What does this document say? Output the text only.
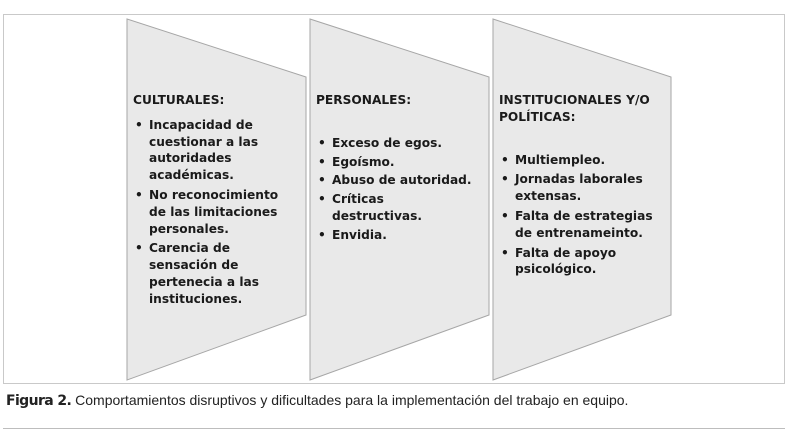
CULTURALES:
• Incapacidad de cuestionar a las autoridades académicas.
• No reconocimiento de las limitaciones personales.
• Carencia de sensación de pertenecia a las instituciones.
PERSONALES:
• Exceso de egos.
• Egoísmo.
• Abuso de autoridad.
• Críticas destructivas.
• Envidia.
INSTITUCIONALES Y/O POLÍTICAS:
• Multiempleo.
• Jornadas laborales extensas.
• Falta de estrategias de entrenameinto.
• Falta de apoyo psicológico.
Figura 2. Comportamientos disruptivos y dificultades para la implementación del trabajo en equipo.
